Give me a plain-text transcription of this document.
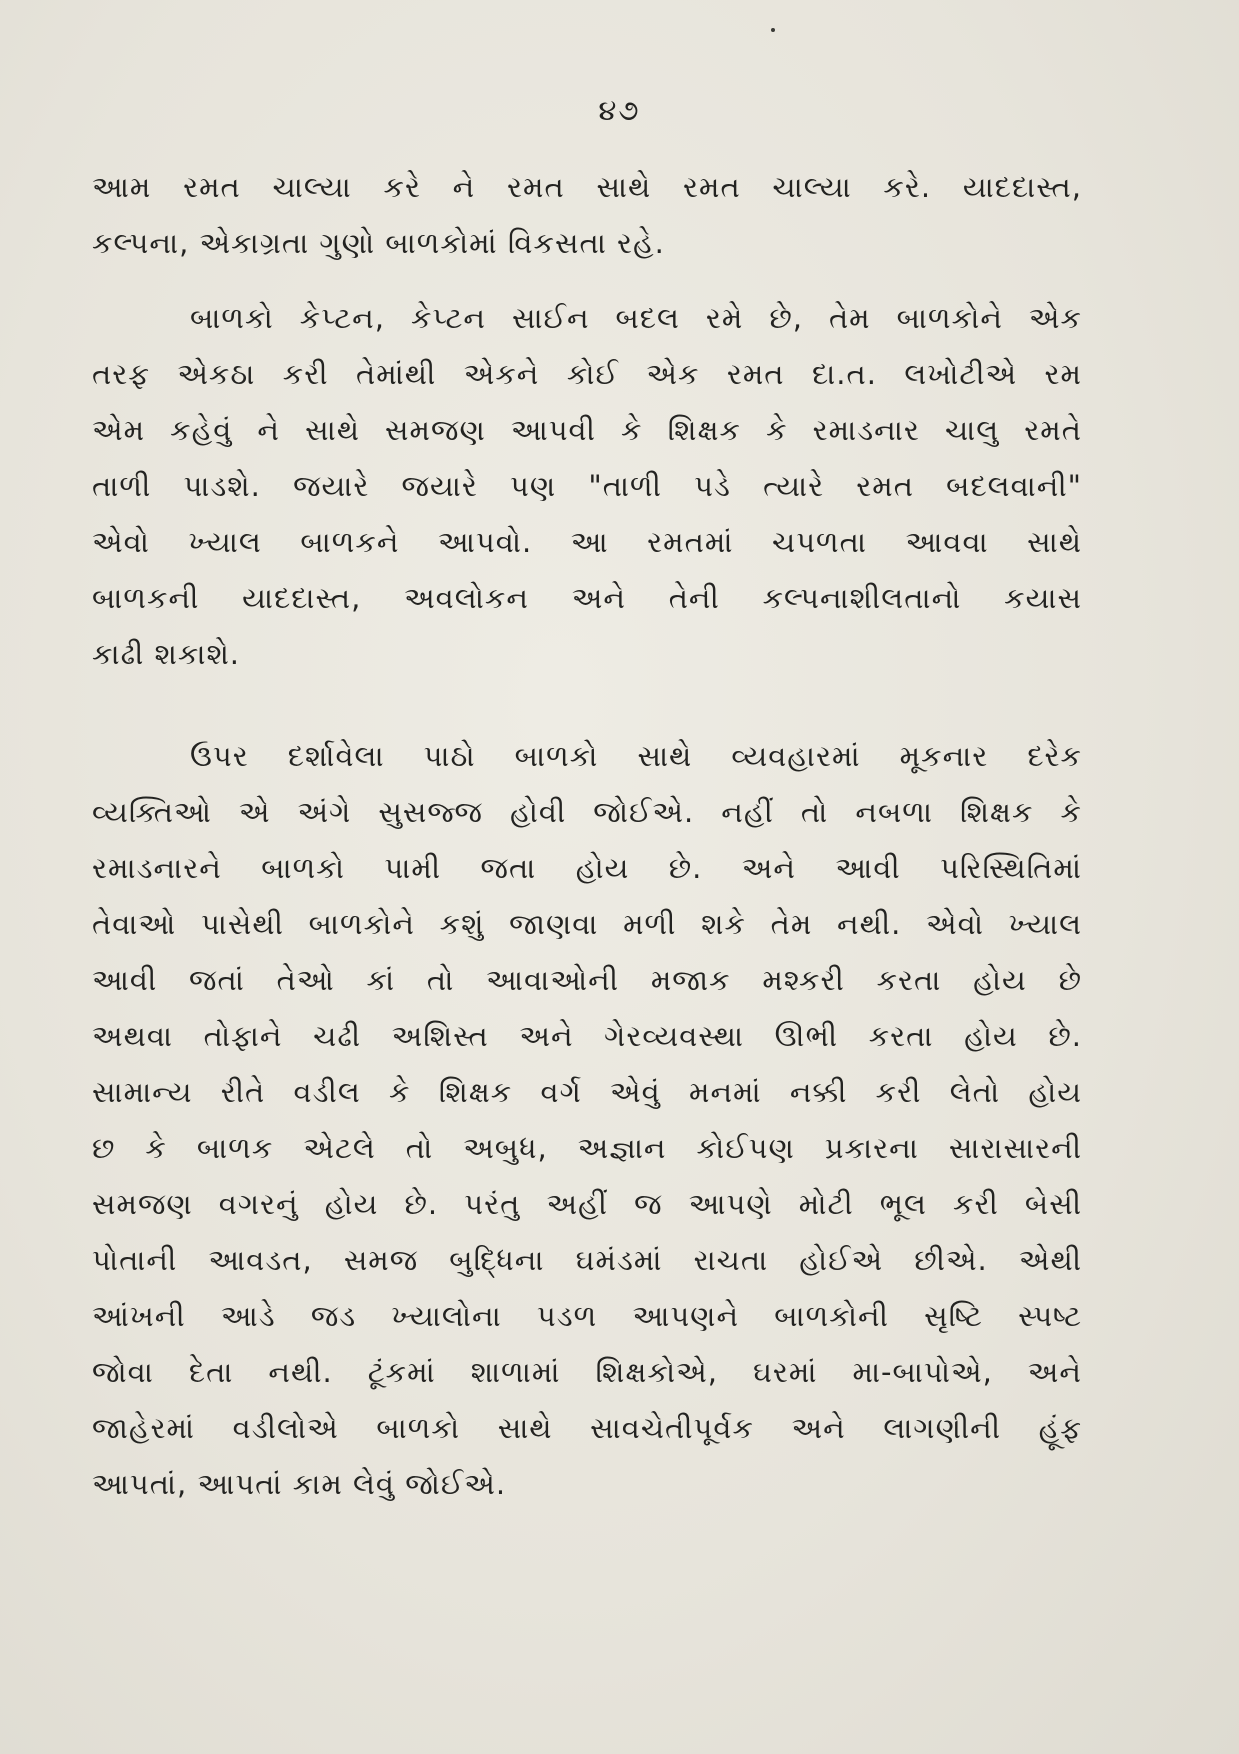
૪૭
આમ રમત ચાલ્યા કરે ને રમત સાથે રમત ચાલ્યા કરે. યાદદાસ્ત,
કલ્પના, એકાગ્રતા ગુણો બાળકોમાં વિકસતા રહે.
બાળકો કેપ્ટન, કેપ્ટન સાઈન બદલ રમે છે, તેમ બાળકોને એક
તરફ એકઠા કરી તેમાંથી એકને કોઈ એક રમત દા.ત. લખોટીએ રમ
એમ કહેવું ને સાથે સમજણ આપવી કે શિક્ષક કે રમાડનાર ચાલુ રમતે
તાળી પાડશે. જયારે જયારે પણ "તાળી પડે ત્યારે રમત બદલવાની"
એવો ખ્યાલ બાળકને આપવો. આ રમતમાં ચપળતા આવવા સાથે
બાળકની યાદદાસ્ત, અવલોકન અને તેની કલ્પનાશીલતાનો કયાસ
કાઢી શકાશે.
ઉપર દર્શાવેલા પાઠો બાળકો સાથે વ્યવહારમાં મૂકનાર દરેક
વ્યક્તિઓ એ અંગે સુસજ્જ હોવી જોઈએ. નહીં તો નબળા શિક્ષક કે
રમાડનારને બાળકો પામી જતા હોય છે. અને આવી પરિસ્થિતિમાં
તેવાઓ પાસેથી બાળકોને કશું જાણવા મળી શકે તેમ નથી. એવો ખ્યાલ
આવી જતાં તેઓ કાં તો આવાઓની મજાક મશ્કરી કરતા હોય છે
અથવા તોફાને ચઢી અશિસ્ત અને ગેરવ્યવસ્થા ઊભી કરતા હોય છે.
સામાન્ય રીતે વડીલ કે શિક્ષક વર્ગ એવું મનમાં નક્કી કરી લેતો હોય
છ કે બાળક એટલે તો અબુધ, અજ્ઞાન કોઈપણ પ્રકારના સારાસારની
સમજણ વગરનું હોય છે. પરંતુ અહીં જ આપણે મોટી ભૂલ કરી બેસી
પોતાની આવડત, સમજ બુદ્ધિના ઘમંડમાં રાચતા હોઈએ છીએ. એથી
આંખની આડે જડ ખ્યાલોના પડળ આપણને બાળકોની સૃષ્ટિ સ્પષ્ટ
જોવા દેતા નથી. ટૂંકમાં શાળામાં શિક્ષકોએ, ઘરમાં મા-બાપોએ, અને
જાહેરમાં વડીલોએ બાળકો સાથે સાવચેતીપૂર્વક અને લાગણીની હૂંફ
આપતાં, આપતાં કામ લેવું જોઈએ.
